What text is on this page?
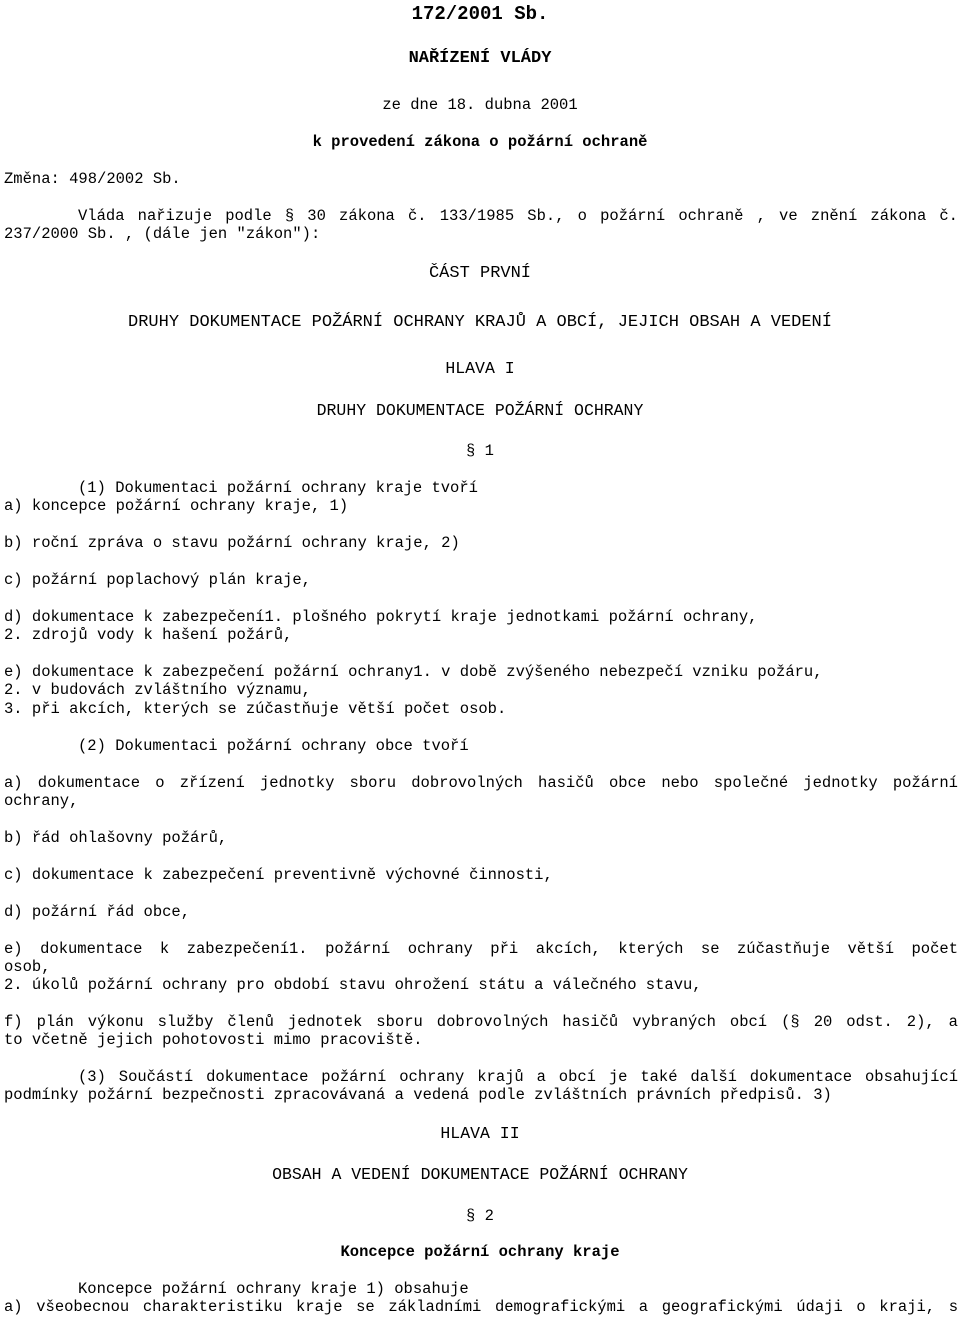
172/2001 Sb.
NAŘÍZENÍ VLÁDY
ze dne 18. dubna 2001
k provedení zákona o požární ochraně
Změna: 498/2002 Sb.
Vláda nařizuje podle § 30 zákona č. 133/1985 Sb., o požární ochraně , ve znění zákona č.
237/2000 Sb. , (dále jen "zákon"):
ČÁST PRVNÍ
DRUHY DOKUMENTACE POŽÁRNÍ OCHRANY KRAJŮ A OBCÍ, JEJICH OBSAH A VEDENÍ
HLAVA I
DRUHY DOKUMENTACE POŽÁRNÍ OCHRANY
§ 1
(1) Dokumentaci požární ochrany kraje tvoří
a) koncepce požární ochrany kraje, 1)
b) roční zpráva o stavu požární ochrany kraje, 2)
c) požární poplachový plán kraje,
d) dokumentace k zabezpečení1. plošného pokrytí kraje jednotkami požární ochrany,
2. zdrojů vody k hašení požárů,
e) dokumentace k zabezpečení požární ochrany1. v době zvýšeného nebezpečí vzniku požáru,
2. v budovách zvláštního významu,
3. při akcích, kterých se zúčastňuje větší počet osob.
(2) Dokumentaci požární ochrany obce tvoří
a) dokumentace o zřízení jednotky sboru dobrovolných hasičů obce nebo společné jednotky požární
ochrany,
b) řád ohlašovny požárů,
c) dokumentace k zabezpečení preventivně výchovné činnosti,
d) požární řád obce,
e) dokumentace k zabezpečení1. požární ochrany při akcích, kterých se zúčastňuje větší počet
osob,
2. úkolů požární ochrany pro období stavu ohrožení státu a válečného stavu,
f) plán výkonu služby členů jednotek sboru dobrovolných hasičů vybraných obcí (§ 20 odst. 2), a
to včetně jejich pohotovosti mimo pracoviště.
(3) Součástí dokumentace požární ochrany krajů a obcí je také další dokumentace obsahující
podmínky požární bezpečnosti zpracovávaná a vedená podle zvláštních právních předpisů. 3)
HLAVA II
OBSAH A VEDENÍ DOKUMENTACE POŽÁRNÍ OCHRANY
§ 2
Koncepce požární ochrany kraje
Koncepce požární ochrany kraje 1) obsahuje
a) všeobecnou charakteristiku kraje se základními demografickými a geografickými údaji o kraji, s
